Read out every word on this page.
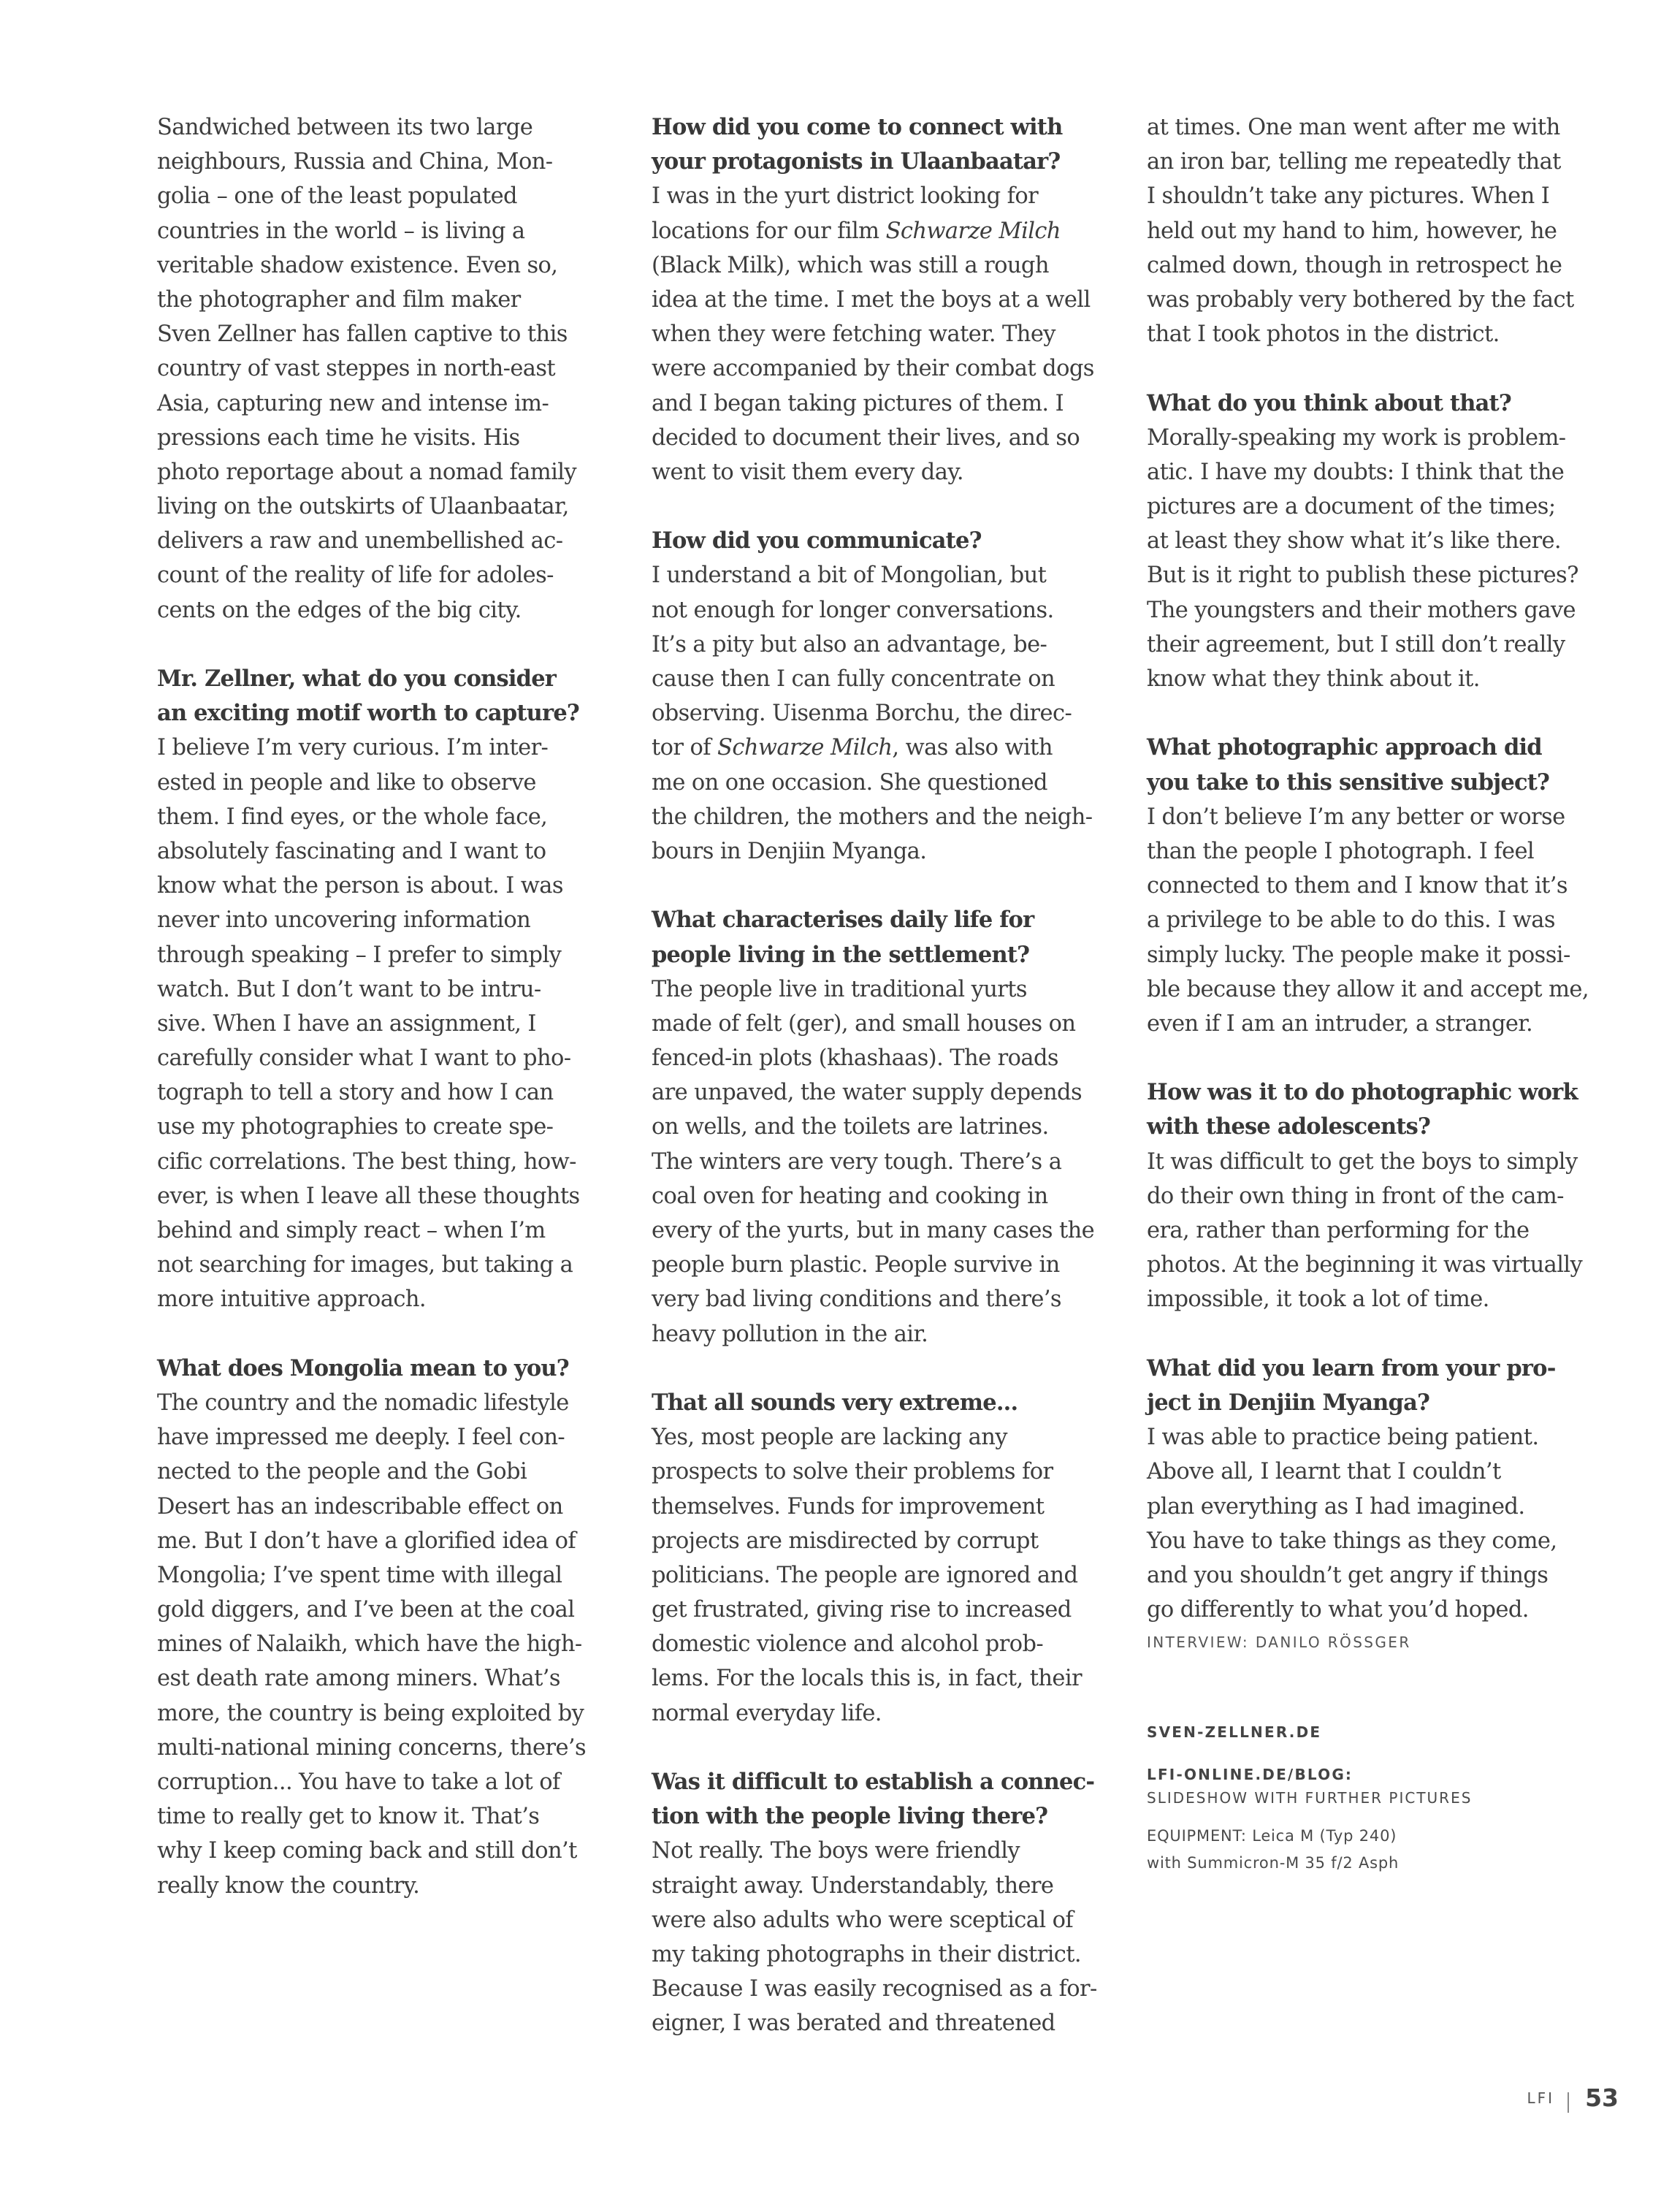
Sandwiched between its two large
neighbours, Russia and China, Mon-
golia – one of the least populated
countries in the world – is living a
veritable shadow existence. Even so,
the photographer and film maker
Sven Zellner has fallen captive to this
country of vast steppes in north-east
Asia, capturing new and intense im-
pressions each time he visits. His
photo reportage about a nomad family
living on the outskirts of Ulaanbaatar,
delivers a raw and unembellished ac-
count of the reality of life for adoles-
cents on the edges of the big city.
Mr. Zellner, what do you consider
an exciting motif worth to capture?
I believe I’m very curious. I’m inter-
ested in people and like to observe
them. I find eyes, or the whole face,
absolutely fascinating and I want to
know what the person is about. I was
never into uncovering information
through speaking – I prefer to simply
watch. But I don’t want to be intru-
sive. When I have an assignment, I
carefully consider what I want to pho-
tograph to tell a story and how I can
use my photographies to create spe-
cific correlations. The best thing, how-
ever, is when I leave all these thoughts
behind and simply react – when I’m
not searching for images, but taking a
more intuitive approach.
What does Mongolia mean to you?
The country and the nomadic lifestyle
have impressed me deeply. I feel con-
nected to the people and the Gobi
Desert has an indescribable effect on
me. But I don’t have a glorified idea of
Mongolia; I’ve spent time with illegal
gold diggers, and I’ve been at the coal
mines of Nalaikh, which have the high-
est death rate among miners. What’s
more, the country is being exploited by
multi-national mining concerns, there’s
corruption... You have to take a lot of
time to really get to know it. That’s
why I keep coming back and still don’t
really know the country.
How did you come to connect with
your protagonists in Ulaanbaatar?
I was in the yurt district looking for
locations for our film Schwarze Milch
(Black Milk), which was still a rough
idea at the time. I met the boys at a well
when they were fetching water. They
were accompanied by their combat dogs
and I began taking pictures of them. I
decided to document their lives, and so
went to visit them every day.
How did you communicate?
I understand a bit of Mongolian, but
not enough for longer conversations.
It’s a pity but also an advantage, be-
cause then I can fully concentrate on
observing. Uisenma Borchu, the direc-
tor of Schwarze Milch, was also with
me on one occasion. She questioned
the children, the mothers and the neigh-
bours in Denjiin Myanga.
What characterises daily life for
people living in the settlement?
The people live in traditional yurts
made of felt (ger), and small houses on
fenced-in plots (khashaas). The roads
are unpaved, the water supply depends
on wells, and the toilets are latrines.
The winters are very tough. There’s a
coal oven for heating and cooking in
every of the yurts, but in many cases the
people burn plastic. People survive in
very bad living conditions and there’s
heavy pollution in the air.
That all sounds very extreme...
Yes, most people are lacking any
prospects to solve their problems for
themselves. Funds for improvement
projects are misdirected by corrupt
politicians. The people are ignored and
get frustrated, giving rise to increased
domestic violence and alcohol prob-
lems. For the locals this is, in fact, their
normal everyday life.
Was it difficult to establish a connec-
tion with the people living there?
Not really. The boys were friendly
straight away. Understandably, there
were also adults who were sceptical of
my taking photographs in their district.
Because I was easily recognised as a for-
eigner, I was berated and threatened
at times. One man went after me with
an iron bar, telling me repeatedly that
I shouldn’t take any pictures. When I
held out my hand to him, however, he
calmed down, though in retrospect he
was probably very bothered by the fact
that I took photos in the district.
What do you think about that?
Morally-speaking my work is problem-
atic. I have my doubts: I think that the
pictures are a document of the times;
at least they show what it’s like there.
But is it right to publish these pictures?
The youngsters and their mothers gave
their agreement, but I still don’t really
know what they think about it.
What photographic approach did
you take to this sensitive subject?
I don’t believe I’m any better or worse
than the people I photograph. I feel
connected to them and I know that it’s
a privilege to be able to do this. I was
simply lucky. The people make it possi-
ble because they allow it and accept me,
even if I am an intruder, a stranger.
How was it to do photographic work
with these adolescents?
It was difficult to get the boys to simply
do their own thing in front of the cam-
era, rather than performing for the
photos. At the beginning it was virtually
impossible, it took a lot of time.
What did you learn from your pro-
ject in Denjiin Myanga?
I was able to practice being patient.
Above all, I learnt that I couldn’t
plan everything as I had imagined.
You have to take things as they come,
and you shouldn’t get angry if things
go differently to what you’d hoped.
INTERVIEW: DANILO RÖSSGER
SVEN-ZELLNER.DE
LFI-ONLINE.DE/BLOG:
SLIDESHOW WITH FURTHER PICTURES
EQUIPMENT: Leica M (Typ 240)
with Summicron-M 35 f/2 Asph
LFI 53
